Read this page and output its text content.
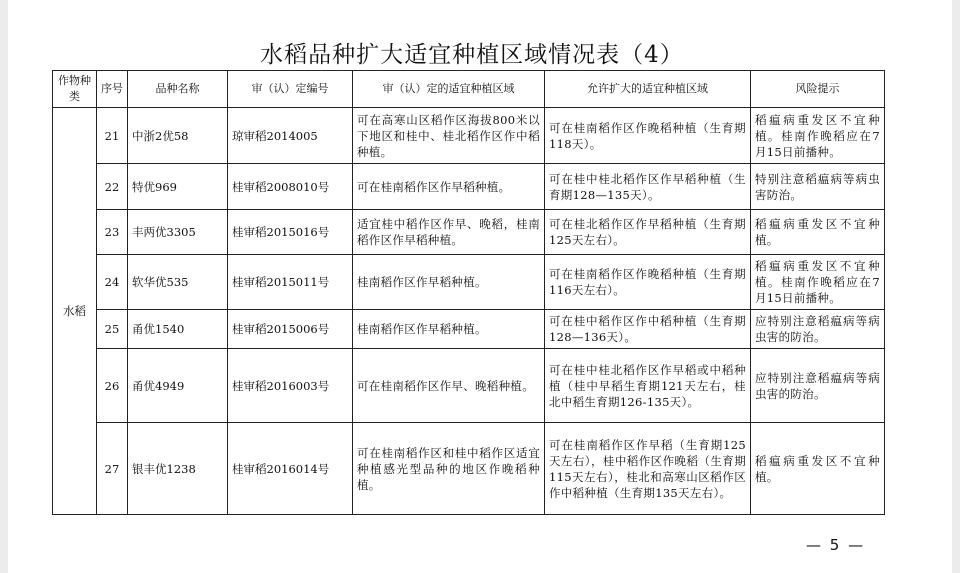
水稻品种扩大适宜种植区域情况表（4）
作物种类	序号	品种名称	审（认）定编号	审（认）定的适宜种植区域	允许扩大的适宜种植区域	风险提示
水稻	21	中浙2优58	琼审稻2014005	可在高寒山区稻作区海拔800米以下地区和桂中、桂北稻作区作中稻种植。	可在桂南稻作区作晚稻种植（生育期118天）。	稻瘟病重发区不宜种植。桂南作晚稻应在7月15日前播种。
	22	特优969	桂审稻2008010号	可在桂南稻作区作早稻种植。	可在桂中桂北稻作区作早稻种植（生育期128—135天）。	特别注意稻瘟病等病虫害防治。
	23	丰两优3305	桂审稻2015016号	适宜桂中稻作区作早、晚稻，桂南稻作区作早稻种植。	可在桂北稻作区作早稻种植（生育期125天左右）。	稻瘟病重发区不宜种植。
	24	软华优535	桂审稻2015011号	桂南稻作区作早稻种植。	可在桂南稻作区作晚稻种植（生育期116天左右）。	稻瘟病重发区不宜种植。桂南作晚稻应在7月15日前播种。
	25	甬优1540	桂审稻2015006号	桂南稻作区作早稻种植。	可在桂中稻作区作中稻种植（生育期128—136天）。	应特别注意稻瘟病等病虫害的防治。
	26	甬优4949	桂审稻2016003号	可在桂南稻作区作早、晚稻种植。	可在桂中桂北稻作区作早稻或中稻种植（桂中早稻生育期121天左右，桂北中稻生育期126-135天）。	应特别注意稻瘟病等病虫害的防治。
	27	银丰优1238	桂审稻2016014号	可在桂南稻作区和桂中稻作区适宜种植感光型品种的地区作晚稻种植。	可在桂南稻作区作早稻（生育期125天左右），桂中稻作区作晚稻（生育期115天左右），桂北和高寒山区稻作区作中稻种植（生育期135天左右）。	稻瘟病重发区不宜种植。
— 5 —
